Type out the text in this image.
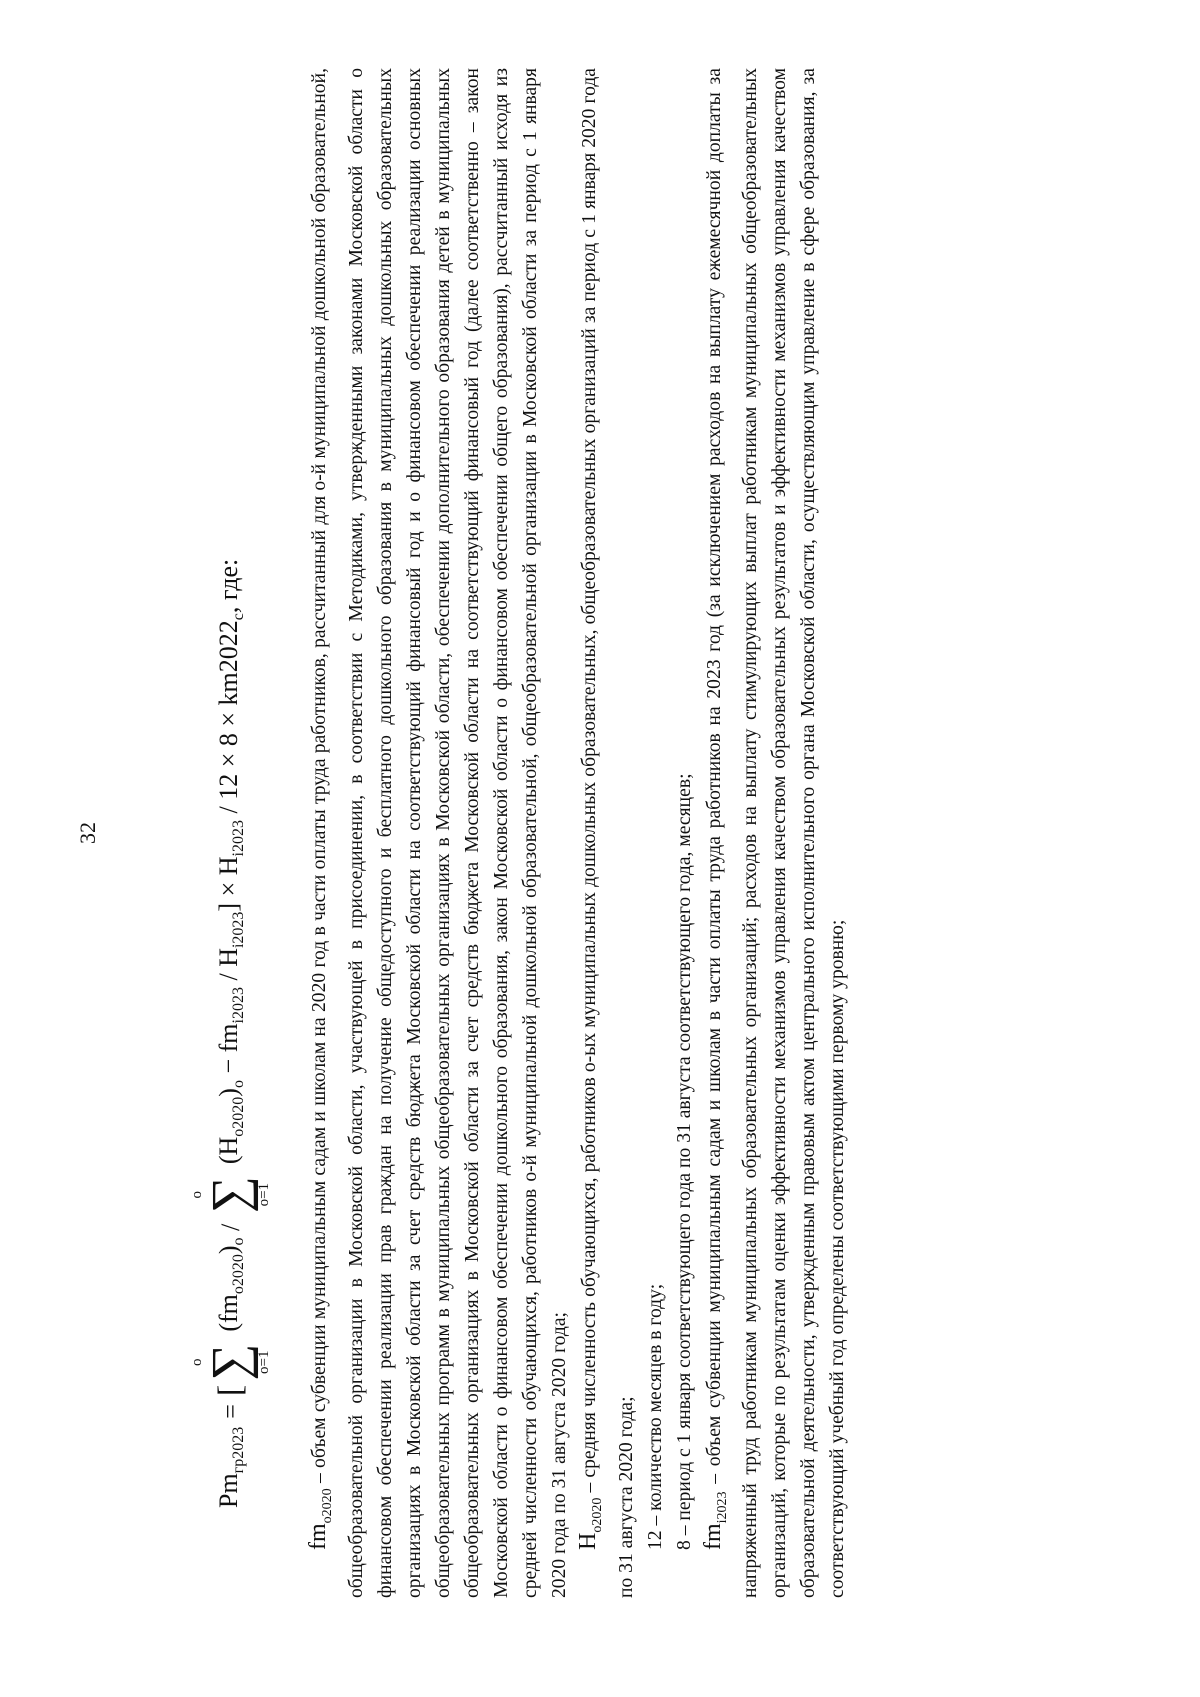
32
$Pm_{гр2023}$
=
[
o
∑
o=1
$(fm_{o2020})_o$
/
o
∑
o=1
$(Н_{o2020})_o$
− $fm_{i2023}$
/ $Н_{i2023}$
] × $Н_{i2023}$
/ $12 \times 8 \times km2022_c$, где:

$fm_{o2020}$ – объем субвенции муниципальным садам и школам на 2020 год в части оплаты труда работников, рассчитанный для о-й муниципальной дошкольной образовательной, общеобразовательной организации в Московской области, участвующей в присоединении, в соответствии с Методиками, утвержденными законами Московской области о финансовом обеспечении реализации прав граждан на получение общедоступного и бесплатного дошкольного образования в муниципальных дошкольных образовательных организациях в Московской области за счет средств бюджета Московской области на соответствующий финансовый год и о финансовом обеспечении реализации основных общеобразовательных программ в муниципальных общеобразовательных организациях в Московской области, обеспечении дополнительного образования детей в муниципальных общеобразовательных организациях в Московской области за счет средств бюджета Московской области на соответствующий финансовый год (далее соответственно – закон Московской области о финансовом обеспечении дошкольного образования, закон Московской области о финансовом обеспечении общего образования), рассчитанный исходя из средней численности обучающихся, работников о-й муниципальной дошкольной образовательной, общеобразовательной организации в Московской области за период с 1 января 2020 года по 31 августа 2020 года; $Н_{o2020}$ – средняя численность обучающихся, работников о-ых муниципальных дошкольных образовательных, общеобразовательных организаций за период с 1 января 2020 года по 31 августа 2020 года; 12 – количество месяцев в году; 8 – период с 1 января соответствующего года по 31 августа соответствующего года, месяцев; $fm_{i2023}$ – объем субвенции муниципальным садам и школам в части оплаты труда работников на 2023 год (за исключением расходов на выплату ежемесячной доплаты за напряженный труд работникам муниципальных образовательных организаций; расходов на выплату стимулирующих выплат работникам муниципальных общеобразовательных организаций, которые по результатам оценки эффективности механизмов управления качеством образовательных результатов и эффективности механизмов управления качеством образовательной деятельности, утвержденным правовым актом центрального исполнительного органа Московской области, осуществляющим управление в сфере образования, за соответствующий учебный год определены соответствующими первому уровню;
